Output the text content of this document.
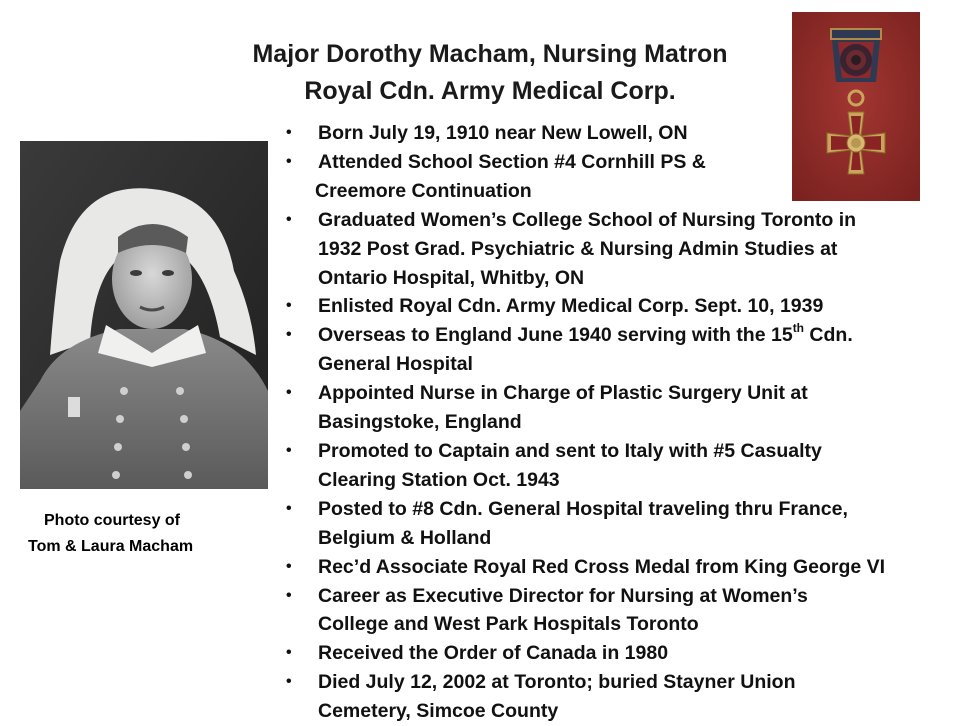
Major Dorothy Macham, Nursing Matron
Royal Cdn. Army Medical Corp.
Photo courtesy of
Tom & Laura Macham
• Born July 19, 1910 near New Lowell, ON
• Attended School Section #4 Cornhill PS &
Creemore Continuation
• Graduated Women’s College School of Nursing Toronto in
1932 Post Grad. Psychiatric & Nursing Admin Studies at
Ontario Hospital, Whitby, ON
• Enlisted Royal Cdn. Army Medical Corp. Sept. 10, 1939
• Overseas to England June 1940 serving with the 15th Cdn.
General Hospital
• Appointed Nurse in Charge of Plastic Surgery Unit at
Basingstoke, England
• Promoted to Captain and sent to Italy with #5 Casualty
Clearing Station Oct. 1943
• Posted to #8 Cdn. General Hospital traveling thru France,
Belgium & Holland
• Rec’d Associate Royal Red Cross Medal from King George VI
• Career as Executive Director for Nursing at Women’s
College and West Park Hospitals Toronto
• Received the Order of Canada in 1980
• Died July 12, 2002 at Toronto; buried Stayner Union
Cemetery, Simcoe County
